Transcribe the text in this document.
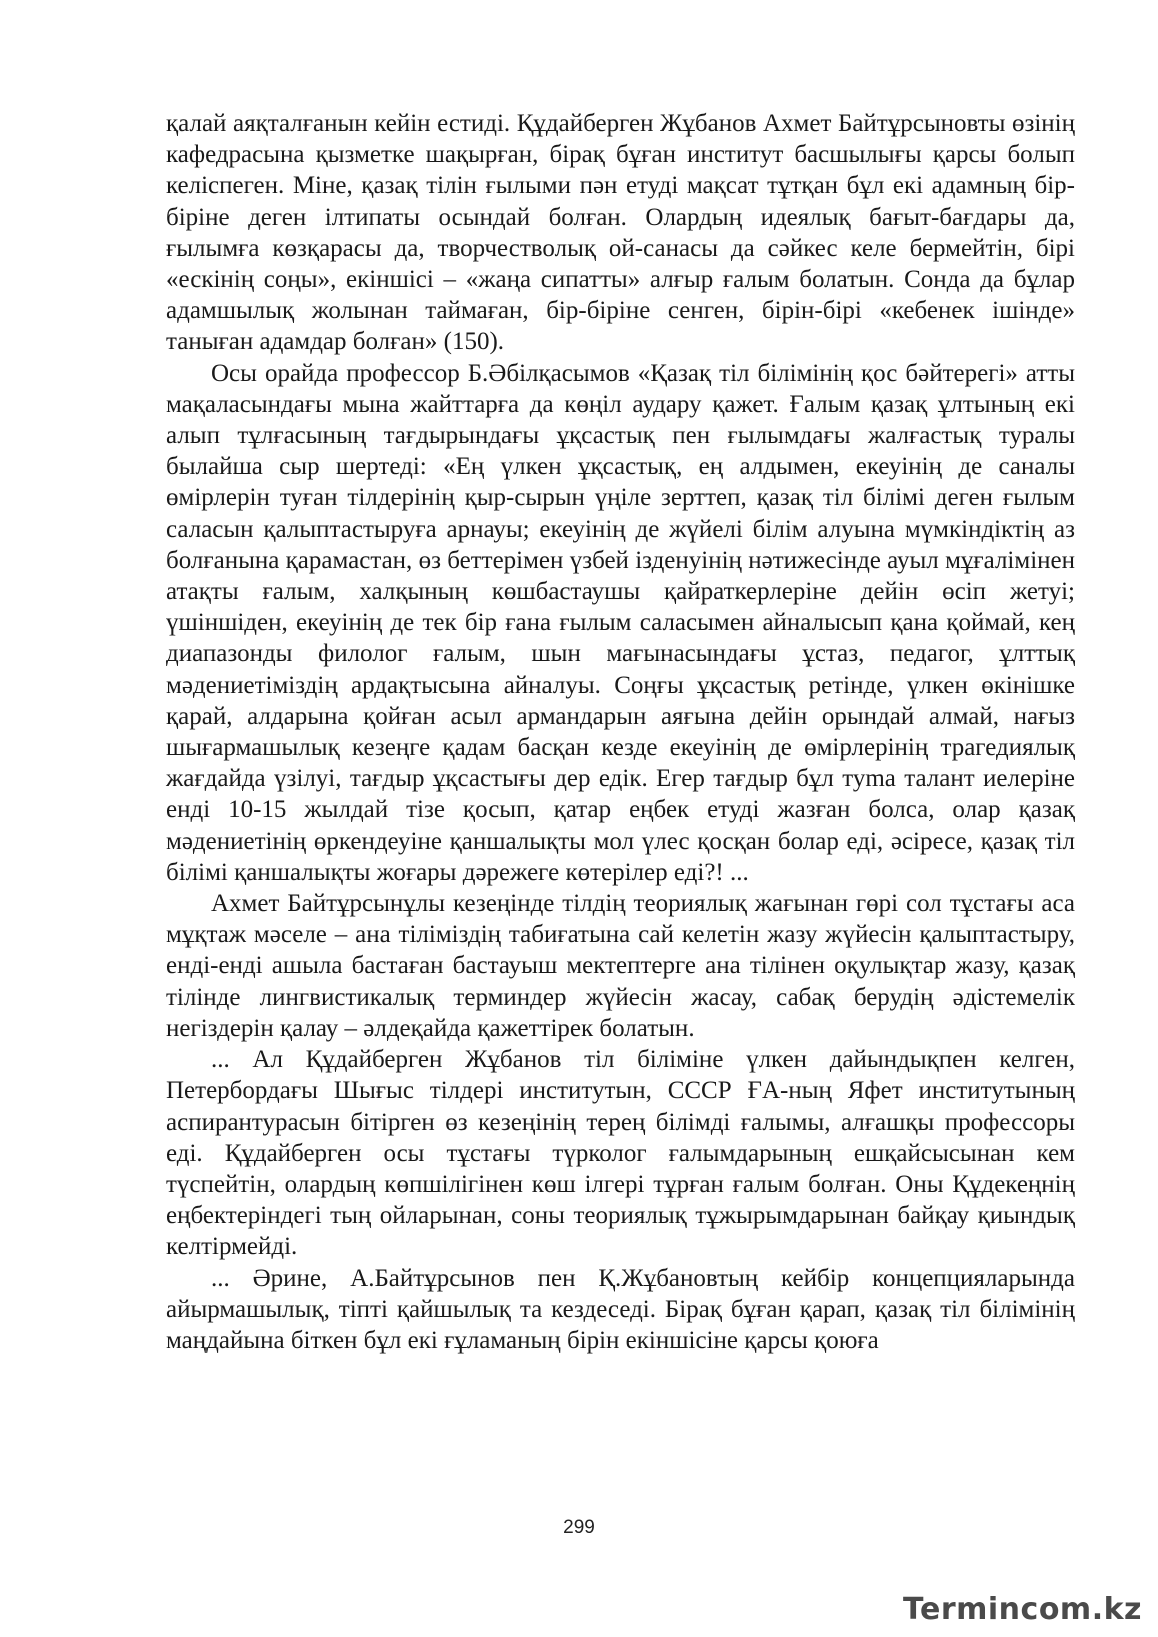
қалай аяқталғанын кейін естиді. Құдайберген Жұбанов Ахмет Байтұрсыновты өзінің кафедрасына қызметке шақырған, бірақ бұған институт басшылығы қарсы болып келіспеген. Міне, қазақ тілін ғылыми пән етуді мақсат тұтқан бұл екі адамның бір-біріне деген ілтипаты осындай болған. Олардың идеялық бағыт-бағдары да, ғылымға көзқарасы да, творчестволық ой-санасы да сәйкес келе бермейтін, бірі «ескінің соңы», екіншісі – «жаңа сипатты» алғыр ғалым болатын. Сонда да бұлар адамшылық жолынан таймаған, бір-біріне сенген, бірін-бірі «кебенек ішінде» таныған адамдар болған» (150).

Осы орайда профессор Б.Әбілқасымов «Қазақ тіл білімінің қос бәйтерегі» атты мақаласындағы мына жайттарға да көңіл аудару қажет. Ғалым қазақ ұлтының екі алып тұлғасының тағдырындағы ұқсастық пен ғылымдағы жалғастық туралы былайша сыр шертеді: «Ең үлкен ұқсастық, ең алдымен, екеуінің де саналы өмірлерін туған тілдерінің қыр-сырын үңіле зерттеп, қазақ тіл білімі деген ғылым саласын қалыптастыруға арнауы; екеуінің де жүйелі білім алуына мүмкіндіктің аз болғанына қарамастан, өз беттерімен үзбей ізденуінің нәтижесінде ауыл мұғалімінен атақты ғалым, халқының көшбастаушы қайраткерлеріне дейін өсіп жетуі; үшіншіден, екеуінің де тек бір ғана ғылым саласымен айналысып қана қоймай, кең диапазонды филолог ғалым, шын мағынасындағы ұстаз, педагог, ұлттық мәдениетіміздің ардақтысына айналуы. Соңғы ұқсастық ретінде, үлкен өкінішке қарай, алдарына қойған асыл армандарын аяғына дейін орындай алмай, нағыз шығармашылық кезеңге қадам басқан кезде екеуінің де өмірлерінің трагедиялық жағдайда үзілуі, тағдыр ұқсастығы дер едік. Егер тағдыр бұл туma талант иелеріне енді 10-15 жылдай тізе қосып, қатар еңбек етуді жазған болса, олар қазақ мәдениетінің өркендеуіне қаншалықты мол үлес қосқан болар еді, әсіресе, қазақ тіл білімі қаншалықты жоғары дәрежеге көтерілер еді?! ...

Ахмет Байтұрсынұлы кезеңінде тілдің теориялық жағынан гөрі сол тұстағы аса мұқтаж мәселе – ана тіліміздің табиғатына сай келетін жазу жүйесін қалыптастыру, енді-енді ашыла бастаған бастауыш мектептерге ана тілінен оқулықтар жазу, қазақ тілінде лингвистикалық терминдер жүйесін жасау, сабақ берудің әдістемелік негіздерін қалау – әлдеқайда қажеттірек болатын.

... Ал Құдайберген Жұбанов тіл біліміне үлкен дайындықпен келген, Петербордағы Шығыс тілдері институтын, СССР ҒА-ның Яфет институтының аспирантурасын бітірген өз кезеңінің терең білімді ғалымы, алғашқы профессоры еді. Құдайберген осы тұстағы түрколог ғалымдарының ешқайсысынан кем түспейтін, олардың көпшілігінен көш ілгері тұрған ғалым болған. Оны Құдекеңнің еңбектеріндегі тың ойларынан, соны теориялық тұжырымдарынан байқау қиындық келтірмейді.

... Әрине, А.Байтұрсынов пен Қ.Жұбановтың кейбір концепцияларында айырмашылық, тіпті қайшылық та кездеседі. Бірақ бұған қарап, қазақ тіл білімінің маңдайына біткен бұл екі ғұламаның бірін екіншісіне қарсы қоюға

299
Termincom.kz
